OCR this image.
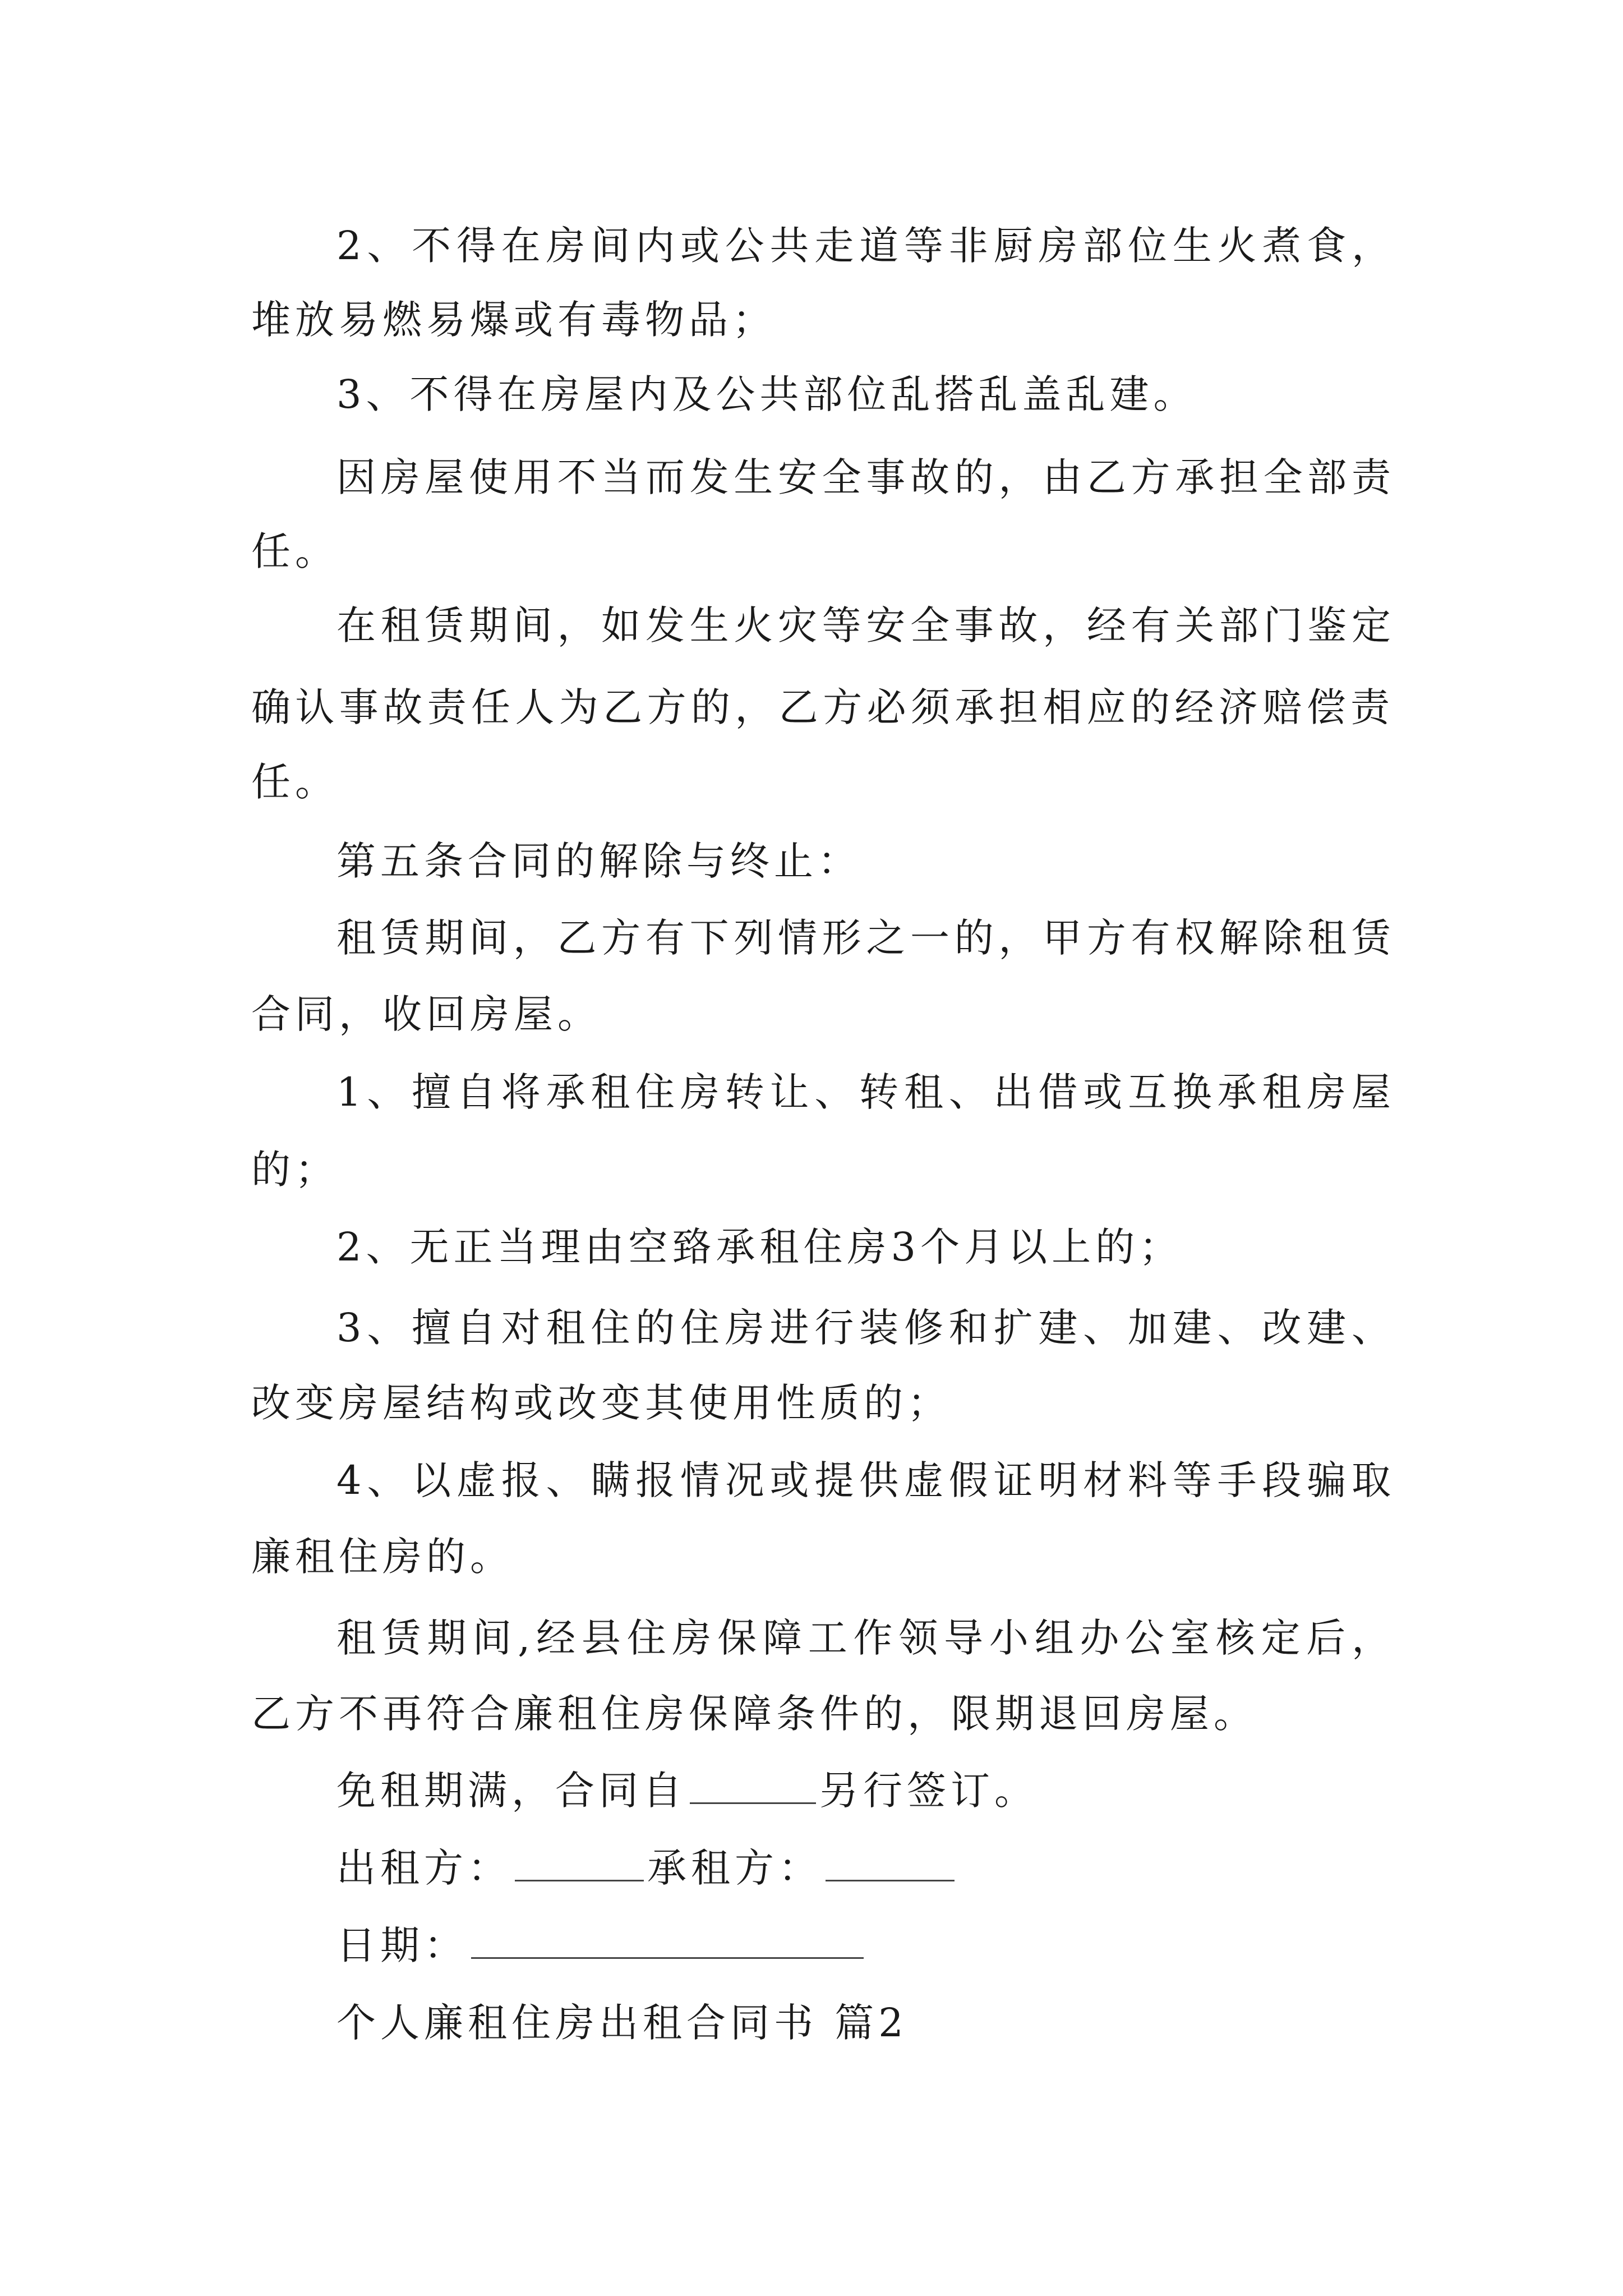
2、不得在房间内或公共走道等非厨房部位生火煮食，
堆放易燃易爆或有毒物品；
3、不得在房屋内及公共部位乱搭乱盖乱建。
因房屋使用不当而发生安全事故的，由乙方承担全部责
任。
在租赁期间，如发生火灾等安全事故，经有关部门鉴定
确认事故责任人为乙方的，乙方必须承担相应的经济赔偿责
任。
第五条合同的解除与终止：
租赁期间，乙方有下列情形之一的，甲方有权解除租赁
合同，收回房屋。
1、擅自将承租住房转让、转租、出借或互换承租房屋
的；
2、无正当理由空臵承租住房3个月以上的；
3、擅自对租住的住房进行装修和扩建、加建、改建、
改变房屋结构或改变其使用性质的；
4、以虚报、瞒报情况或提供虚假证明材料等手段骗取
廉租住房的。
租赁期间,经县住房保障工作领导小组办公室核定后，
乙方不再符合廉租住房保障条件的，限期退回房屋。
免租期满，合同自	另行签订。
出租方：	承租方：
日期：
个人廉租住房出租合同书 篇2
